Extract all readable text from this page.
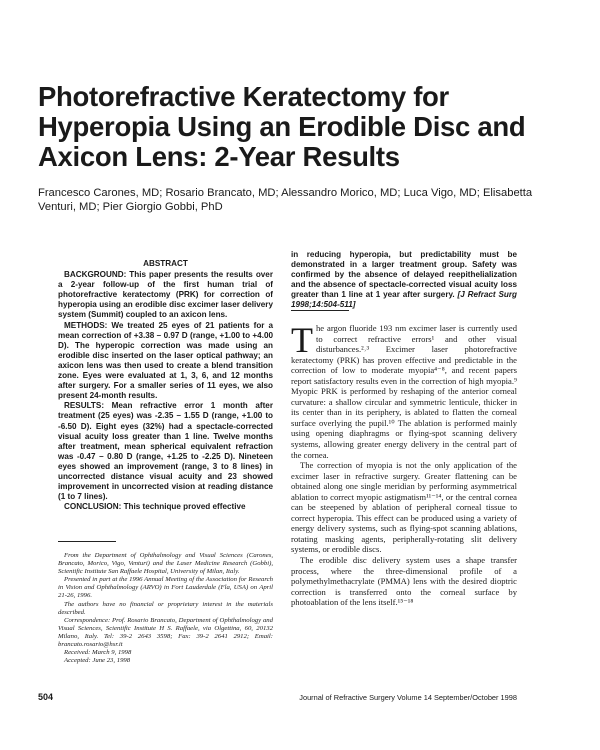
Photorefractive Keratectomy for Hyperopia Using an Erodible Disc and Axicon Lens: 2-Year Results
Francesco Carones, MD; Rosario Brancato, MD; Alessandro Morico, MD; Luca Vigo, MD; Elisabetta Venturi, MD; Pier Giorgio Gobbi, PhD
ABSTRACT

BACKGROUND: This paper presents the results over a 2-year follow-up of the first human trial of photorefractive keratectomy (PRK) for correction of hyperopia using an erodible disc excimer laser delivery system (Summit) coupled to an axicon lens.

METHODS: We treated 25 eyes of 21 patients for a mean correction of +3.38 – 0.97 D (range, +1.00 to +4.00 D). The hyperopic correction was made using an erodible disc inserted on the laser optical pathway; an axicon lens was then used to create a blend transition zone. Eyes were evaluated at 1, 3, 6, and 12 months after surgery. For a smaller series of 11 eyes, we also present 24-month results.

RESULTS: Mean refractive error 1 month after treatment (25 eyes) was -2.35 – 1.55 D (range, +1.00 to -6.50 D). Eight eyes (32%) had a spectacle-corrected visual acuity loss greater than 1 line. Twelve months after treatment, mean spherical equivalent refraction was -0.47 – 0.80 D (range, +1.25 to -2.25 D). Nineteen eyes showed an improvement (range, 3 to 8 lines) in uncorrected distance visual acuity and 23 showed improvement in uncorrected vision at reading distance (1 to 7 lines).

CONCLUSION: This technique proved effective

in reducing hyperopia, but predictability must be demonstrated in a larger treatment group. Safety was confirmed by the absence of delayed reepithelialization and the absence of spectacle-corrected visual acuity loss greater than 1 line at 1 year after surgery. [J Refract Surg 1998;14:504-511]

From the Department of Ophthalmology and Visual Sciences (Carones, Brancato, Morico, Vigo, Venturi) and the Laser Medicine Research (Gobbi), Scientific Institute San Raffaele Hospital, University of Milan, Italy.

Presented in part at the 1996 Annual Meeting of the Association for Research in Vision and Ophthalmology (ARVO) in Fort Lauderdale (Fla, USA) on April 21-26, 1996.

The authors have no financial or proprietary interest in the materials described.

Correspondence: Prof. Rosario Brancato, Department of Ophthalmology and Visual Sciences, Scientific Institute H S. Raffaele, via Olgettina, 60, 20132 Milano, Italy. Tel: 39-2 2643 3598; Fax: 39-2 2641 2912; Email: brancato.rosario@hsr.it

Received: March 9, 1998

Accepted: June 23, 1998

The argon fluoride 193 nm excimer laser is currently used to correct refractive errors¹ and other visual disturbances.²˒³ Excimer laser photorefractive keratectomy (PRK) has proven effective and predictable in the correction of low to moderate myopia⁴⁻⁸, and recent papers report satisfactory results even in the correction of high myopia.⁹ Myopic PRK is performed by reshaping of the anterior corneal curvature: a shallow circular and symmetric lenticule, thicker in its center than in its periphery, is ablated to flatten the corneal surface overlying the pupil.¹⁰ The ablation is performed mainly using opening diaphragms or flying-spot scanning delivery systems, allowing greater energy delivery in the central part of the cornea.

The correction of myopia is not the only application of the excimer laser in refractive surgery. Greater flattening can be obtained along one single meridian by performing asymmetrical ablation to correct myopic astigmatism¹¹⁻¹⁴, or the central cornea can be steepened by ablation of peripheral corneal tissue to correct hyperopia. This effect can be produced using a variety of energy delivery systems, such as flying-spot scanning ablations, rotating masking agents, peripherally-rotating slit delivery systems, or erodible discs.

The erodible disc delivery system uses a shape transfer process, where the three-dimensional profile of a polymethylmethacrylate (PMMA) lens with the desired dioptric correction is transferred onto the corneal surface by photoablation of the lens itself.¹⁵⁻¹⁸

504	Journal of Refractive Surgery Volume 14 September/October 1998
